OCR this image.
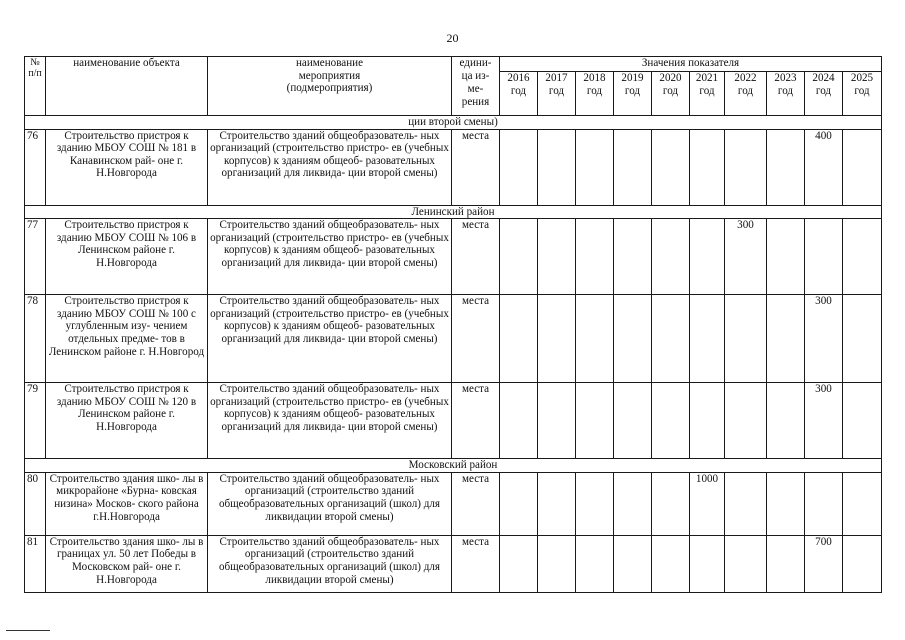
20
№ п/п	наименование объекта	наименование мероприятия (подмероприятия)	едини- ца из- ме- рения	Значения показателя									
				2016 год	2017 год	2018 год	2019 год	2020 год	2021 год	2022 год	2023 год	2024 год	2025 год
ции второй смены)													
76	Строительство пристроя к зданию МБОУ СОШ № 181 в Канавинском рай- оне г. Н.Новгорода	Строительство зданий общеобразователь- ных организаций (строительство пристро- ев (учебных корпусов) к зданиям общеоб- разовательных организаций для ликвида- ции второй смены)	места									400	
Ленинский район													
77	Строительство пристроя к зданию МБОУ СОШ № 106 в Ленинском районе г. Н.Новгорода	Строительство зданий общеобразователь- ных организаций (строительство пристро- ев (учебных корпусов) к зданиям общеоб- разовательных организаций для ликвида- ции второй смены)	места							300			
78	Строительство пристроя к зданию МБОУ СОШ № 100 с углубленным изу- чением отдельных предме- тов в Ленинском районе г. Н.Новгород	Строительство зданий общеобразователь- ных организаций (строительство пристро- ев (учебных корпусов) к зданиям общеоб- разовательных организаций для ликвида- ции второй смены)	места									300	
79	Строительство пристроя к зданию МБОУ СОШ № 120 в Ленинском районе г. Н.Новгорода	Строительство зданий общеобразователь- ных организаций (строительство пристро- ев (учебных корпусов) к зданиям общеоб- разовательных организаций для ликвида- ции второй смены)	места									300	
Московский район													
80	Строительство здания шко- лы в микрорайоне «Бурна- ковская низина» Москов- ского района г.Н.Новгорода	Строительство зданий общеобразователь- ных организаций (строительство зданий общеобразовательных организаций (школ) для ликвидации второй смены)	места						1000				
81	Строительство здания шко- лы в границах ул. 50 лет Победы в Московском рай- оне г. Н.Новгорода	Строительство зданий общеобразователь- ных организаций (строительство зданий общеобразовательных организаций (школ) для ликвидации второй смены)	места									700	
